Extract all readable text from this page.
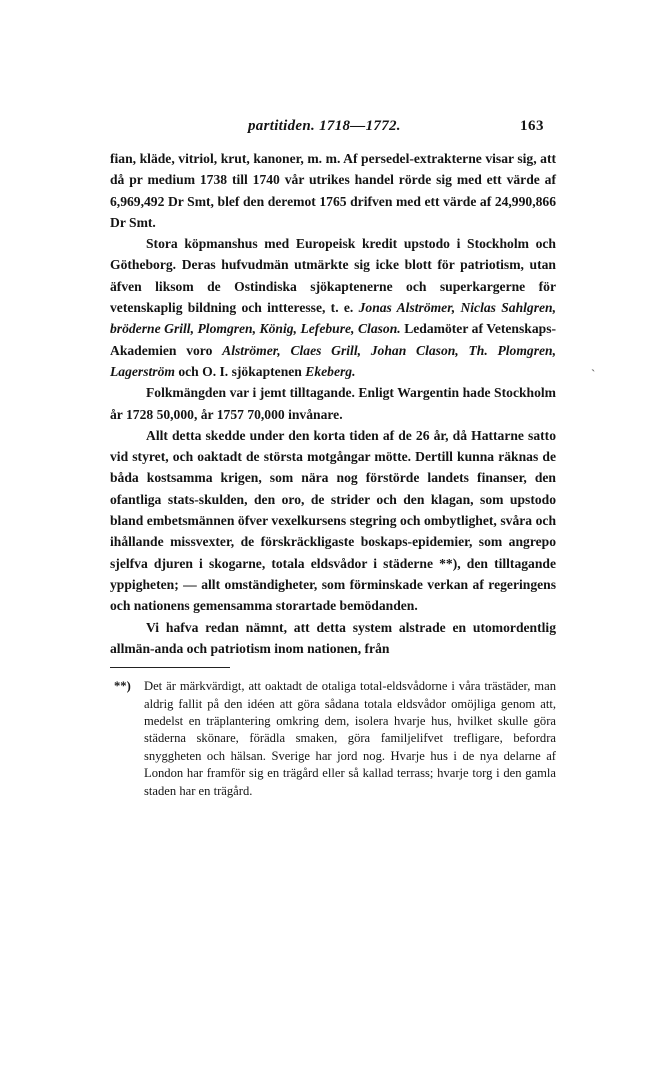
partitiden. 1718—1772.	163

fian, kläde, vitriol, krut, kanoner, m. m. Af persedel-extrakterne visar sig, att då pr medium 1738 till 1740 vår utrikes handel rörde sig med ett värde af 6,969,492 Dr Smt, blef den deremot 1765 drifven med ett värde af 24,990,866 Dr Smt.

Stora köpmanshus med Europeisk kredit upstodo i Stockholm och Götheborg. Deras hufvudmän utmärkte sig icke blott för patriotism, utan äfven liksom de Ostindiska sjökaptenerne och superkargerne för vetenskaplig bildning och intteresse, t. e. Jonas Alströmer, Niclas Sahlgren, bröderne Grill, Plomgren, König, Lefebure, Clason. Ledamöter af Vetenskaps-Akademien voro Alströmer, Claes Grill, Johan Clason, Th. Plomgren, Lagerström och O. I. sjökaptenen Ekeberg.

Folkmängden var i jemt tilltagande. Enligt Wargentin hade Stockholm år 1728 50,000, år 1757 70,000 invånare.

Allt detta skedde under den korta tiden af de 26 år, då Hattarne satto vid styret, och oaktadt de största motgångar mötte. Dertill kunna räknas de båda kostsamma krigen, som nära nog förstörde landets finanser, den ofantliga stats-skulden, den oro, de strider och den klagan, som upstodo bland embetsmännen öfver vexelkursens stegring och ombytlighet, svåra och ihållande missvexter, de förskräckligaste boskaps-epidemier, som angrepo sjelfva djuren i skogarne, totala eldsvådor i städerne **), den tilltagande yppigheten; — allt omständigheter, som förminskade verkan af regeringens och nationens gemensamma storartade bemödanden.

Vi hafva redan nämnt, att detta system alstrade en utomordentlig allmän-anda och patriotism inom nationen, från

**) Det är märkvärdigt, att oaktadt de otaliga total-eldsvådorne i våra trästäder, man aldrig fallit på den idéen att göra sådana totala eldsvådor omöjliga genom att, medelst en träplantering omkring dem, isolera hvarje hus, hvilket skulle göra städerna skönare, förädla smaken, göra familjelifvet trefligare, befordra snyggheten och hälsan. Sverige har jord nog. Hvarje hus i de nya delarne af London har framför sig en trägård eller så kallad terrass; hvarje torg i den gamla staden har en trägård.
ˎ
